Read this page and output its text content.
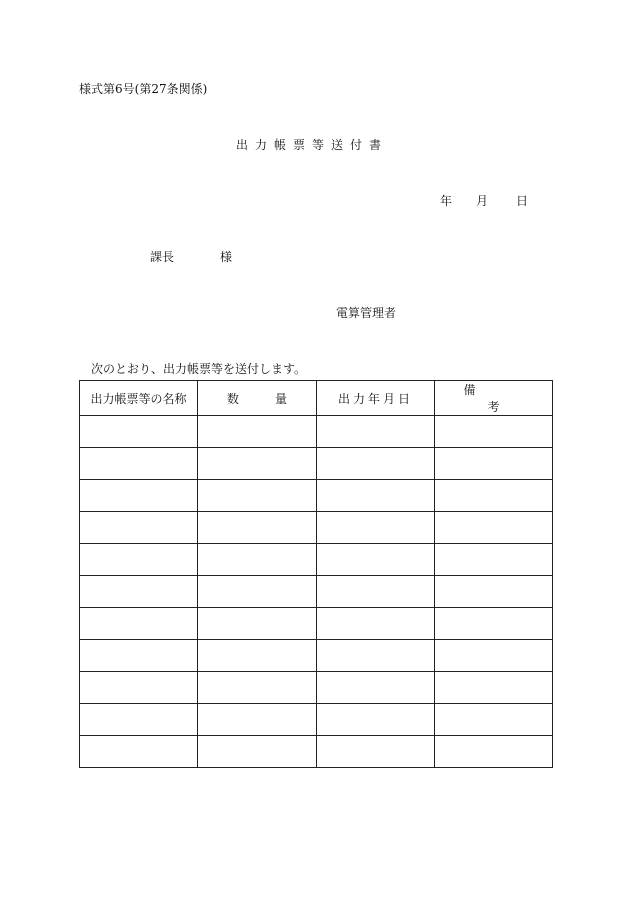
様式第6号(第27条関係)
出力帳票等送付書
年 月 日
課長	様
電算管理者
次のとおり、出力帳票等を送付します。
出力帳票等の名称	数量	出力年月日	備考
